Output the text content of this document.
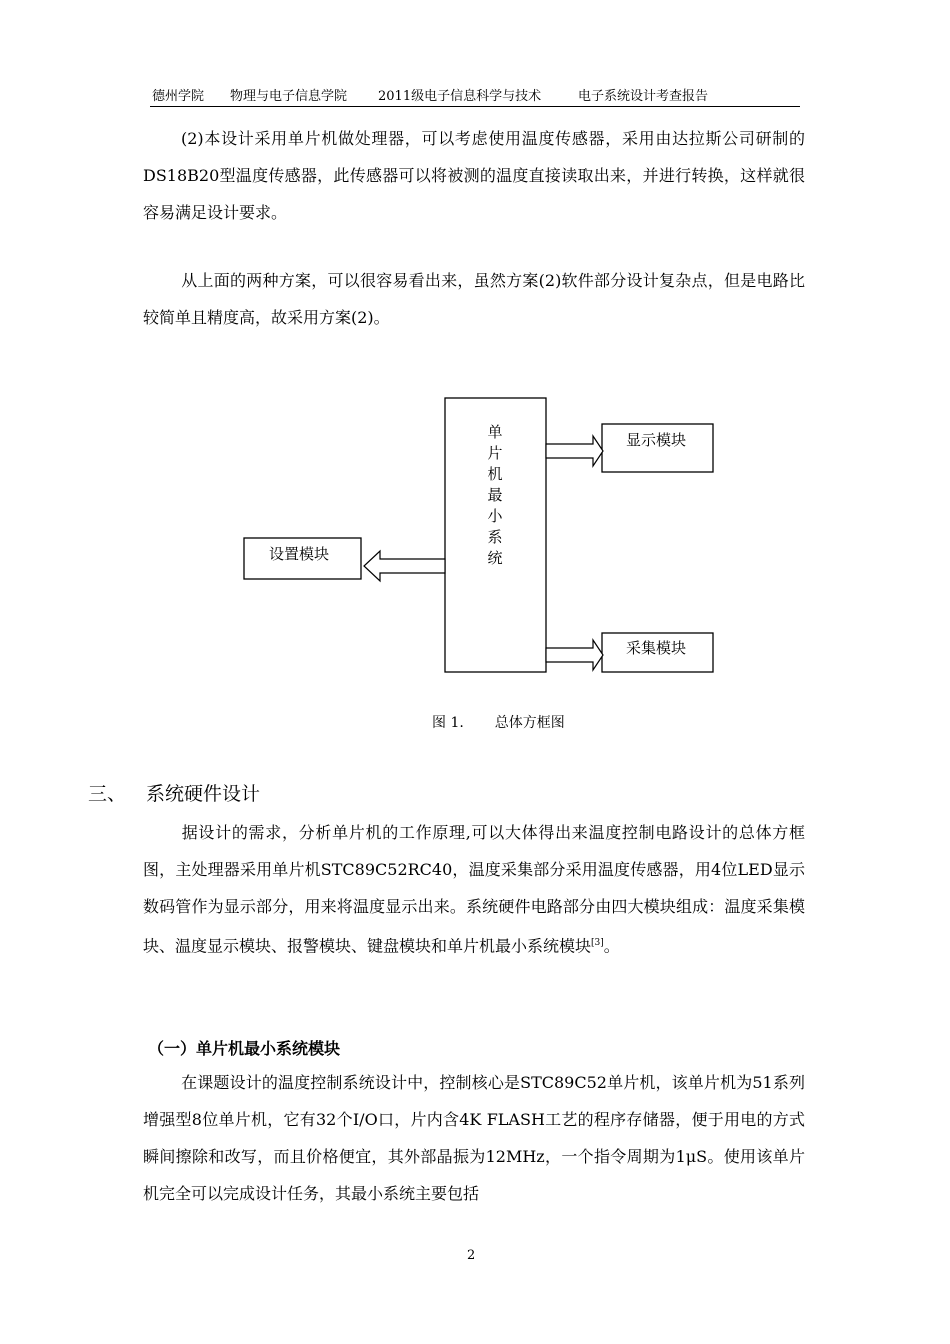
德州学院 物理与电子信息学院 2011级电子信息科学与技术	电子系统设计考查报告

(2)本设计采用单片机做处理器，可以考虑使用温度传感器，采用由达拉斯公司研制的DS18B20型温度传感器，此传感器可以将被测的温度直接读取出来，并进行转换，这样就很容易满足设计要求。

从上面的两种方案，可以很容易看出来，虽然方案(2)软件部分设计复杂点，但是电路比较简单且精度高，故采用方案(2)。

单
片
机
最
小
系
统
显示模块
设置模块
采集模块
图 1. 总体方框图
三、 系统硬件设计

据设计的需求，分析单片机的工作原理,可以大体得出来温度控制电路设计的总体方框图，主处理器采用单片机STC89C52RC40，温度采集部分采用温度传感器，用4位LED显示数码管作为显示部分，用来将温度显示出来。系统硬件电路部分由四大模块组成：温度采集模块、温度显示模块、报警模块、键盘模块和单片机最小系统模块[3]。

（一）单片机最小系统模块

在课题设计的温度控制系统设计中，控制核心是STC89C52单片机，该单片机为51系列增强型8位单片机，它有32个I/O口，片内含4K FLASH工艺的程序存储器，便于用电的方式瞬间擦除和改写，而且价格便宜，其外部晶振为12MHz，一个指令周期为1μS。使用该单片机完全可以完成设计任务，其最小系统主要包括

2
